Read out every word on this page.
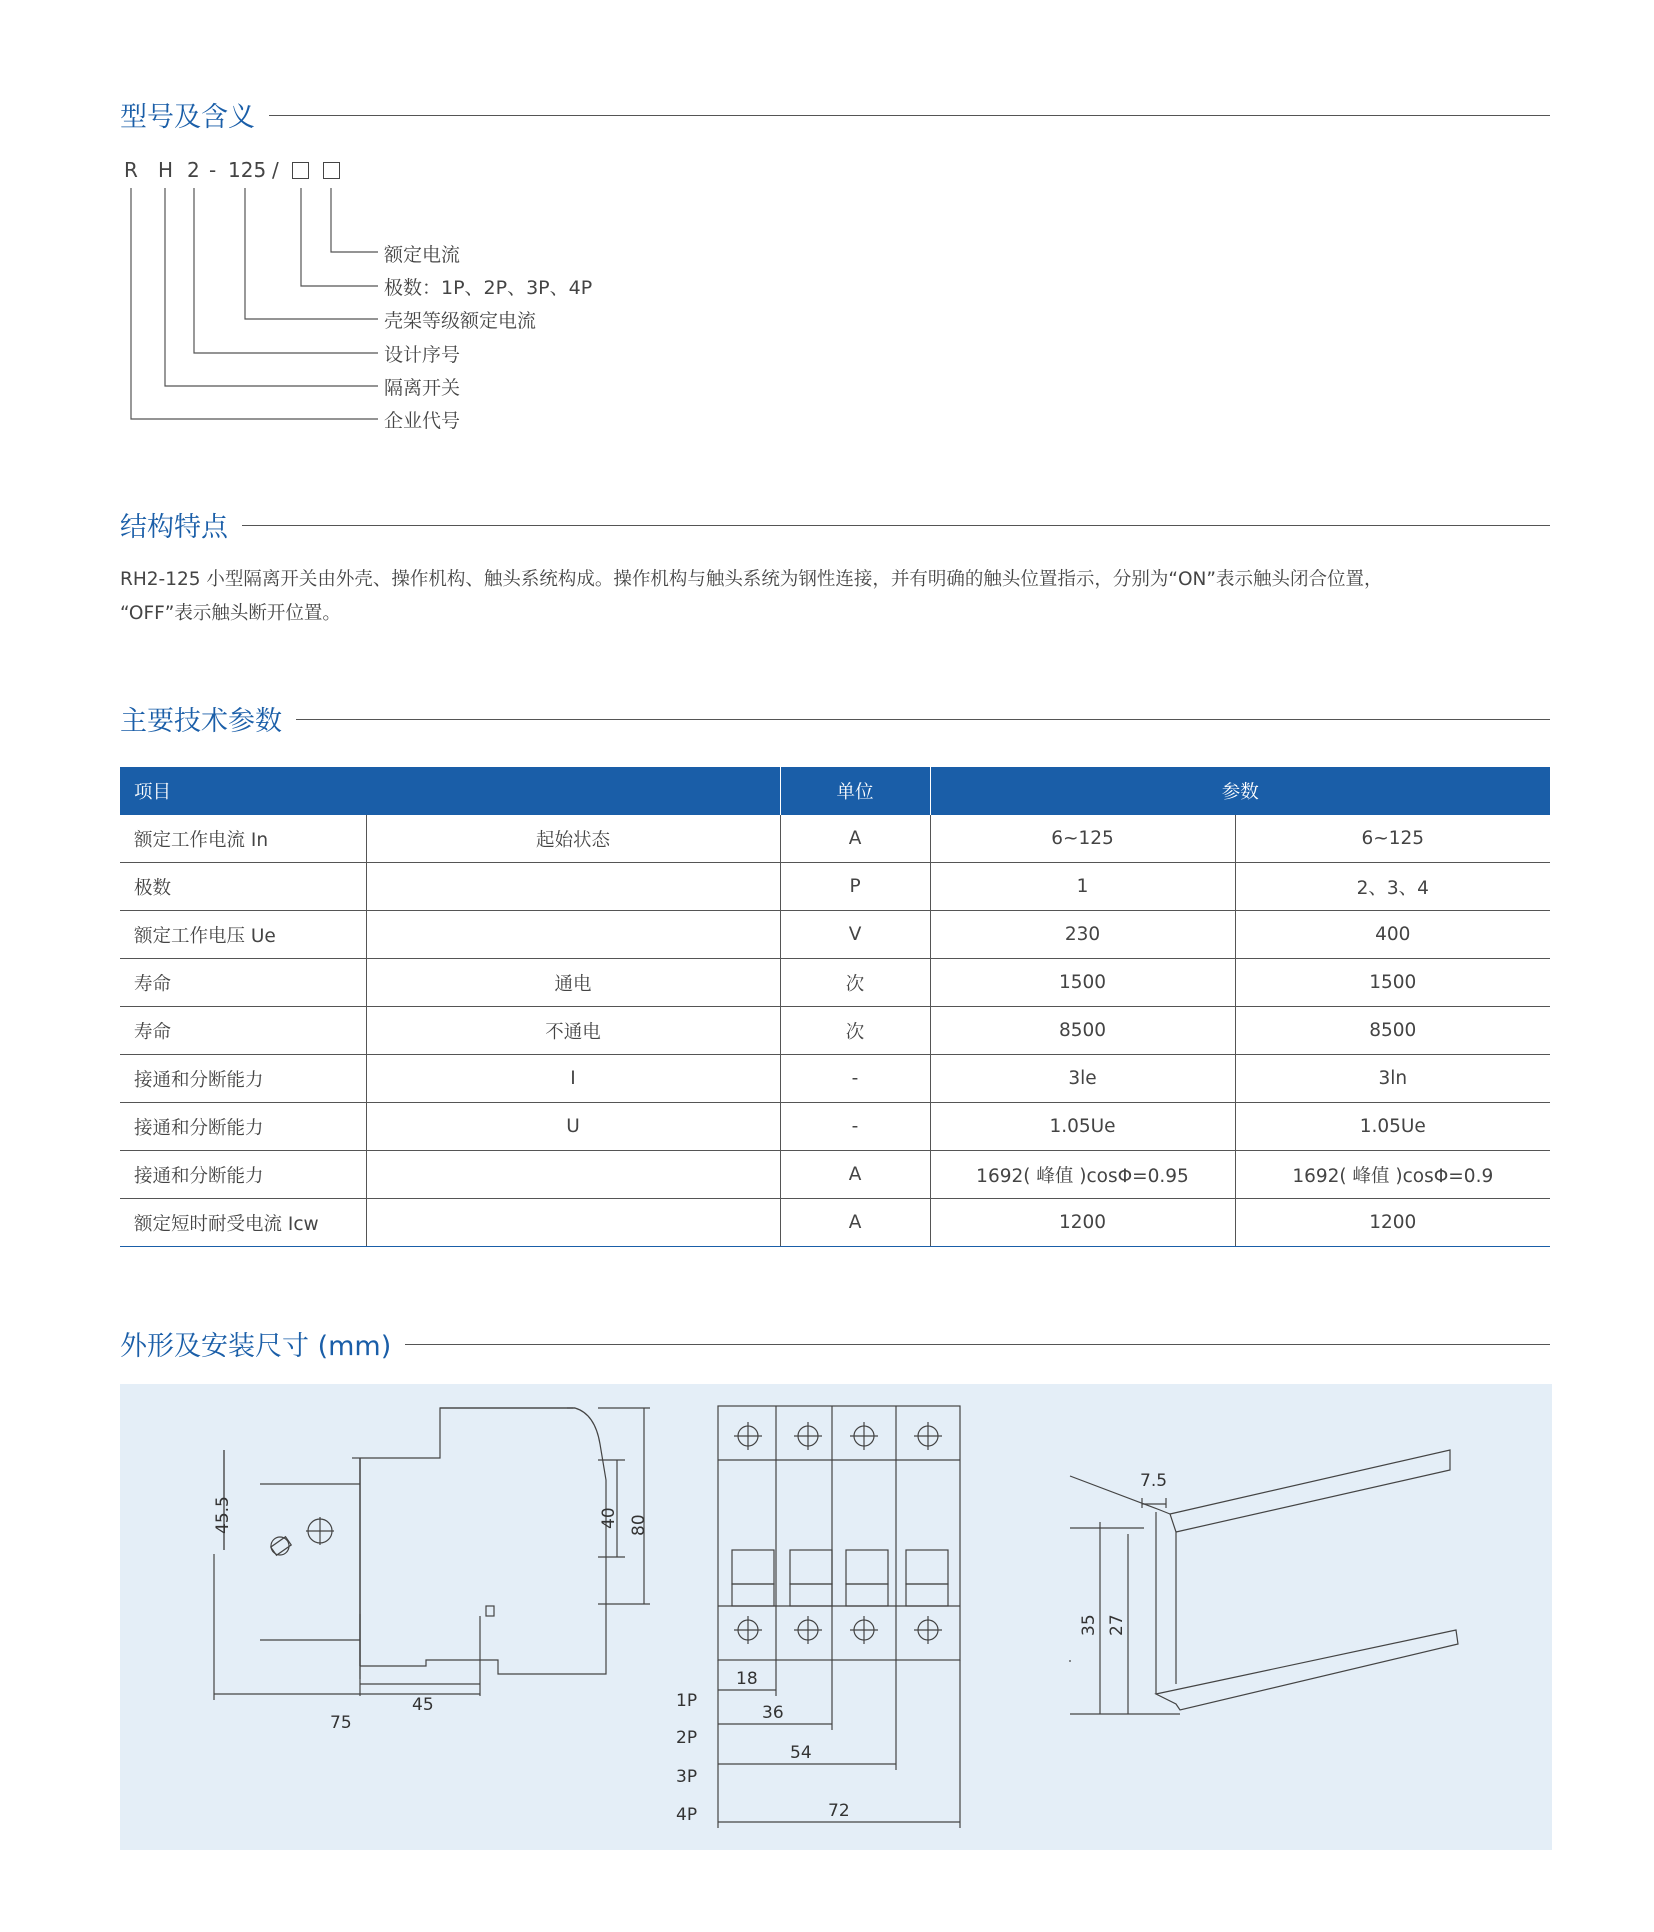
型号及含义
R H 2 - 125 /
额定电流
极数：1P、2P、3P、4P
壳架等级额定电流
设计序号
隔离开关
企业代号
结构特点
RH2-125 小型隔离开关由外壳、操作机构、触头系统构成。操作机构与触头系统为钢性连接，并有明确的触头位置指示，分别为“ON”表示触头闭合位置，
“OFF”表示触头断开位置。
主要技术参数
项目		单位	参数	
额定工作电流 In	起始状态	A	6~125	6~125
极数		P	1	2、3、4
额定工作电压 Ue		V	230	400
寿命	通电	次	1500	1500
寿命	不通电	次	8500	8500
接通和分断能力	I	-	3le	3ln
接通和分断能力	U	-	1.05Ue	1.05Ue
接通和分断能力		A	1692( 峰值 )cosΦ=0.95	1692( 峰值 )cosΦ=0.9
额定短时耐受电流 Icw		A	1200	1200
外形及安装尺寸 (mm)
45.5	40 80
45
75
1P
2P
3P
4P
18
36
54
72
7.5
35 27
